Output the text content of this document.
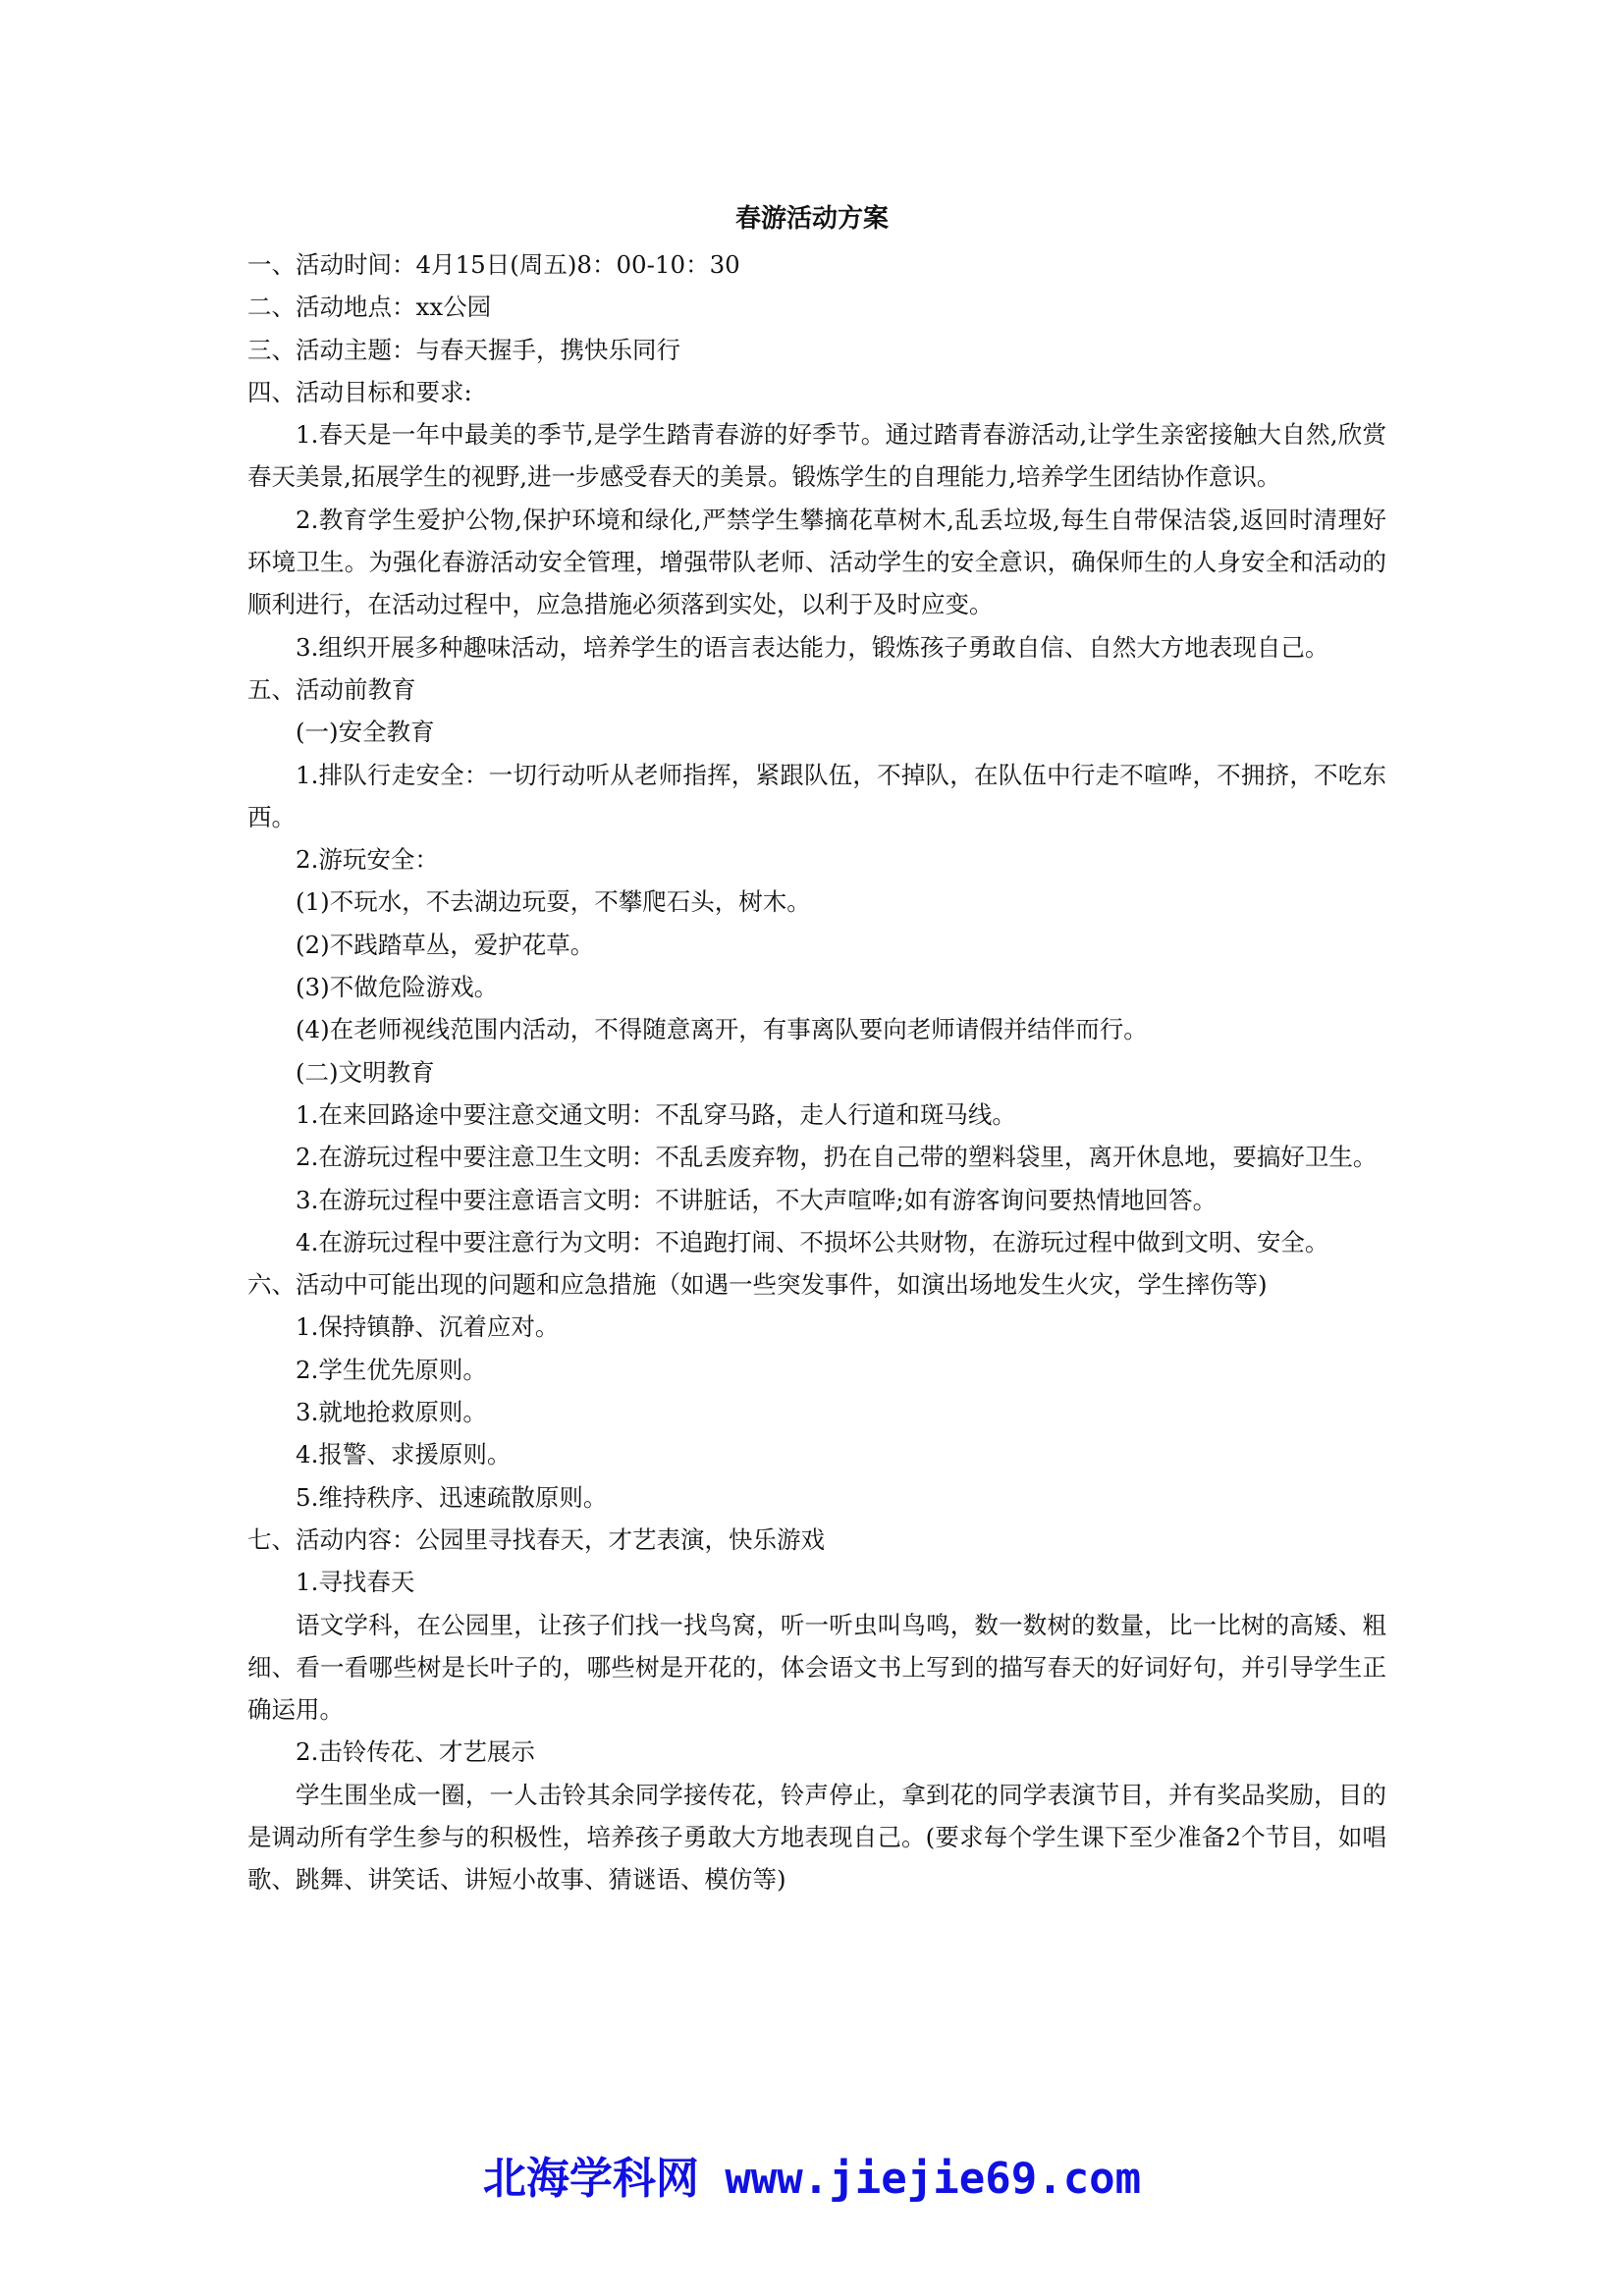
春游活动方案

一、活动时间：4月15日(周五)8：00-10：30

二、活动地点：xx公园

三、活动主题：与春天握手，携快乐同行

四、活动目标和要求:

1.春天是一年中最美的季节,是学生踏青春游的好季节。通过踏青春游活动,让学生亲密接触大自然,欣赏春天美景,拓展学生的视野,进一步感受春天的美景。锻炼学生的自理能力,培养学生团结协作意识。

2.教育学生爱护公物,保护环境和绿化,严禁学生攀摘花草树木,乱丢垃圾,每生自带保洁袋,返回时清理好环境卫生。为强化春游活动安全管理，增强带队老师、活动学生的安全意识，确保师生的人身安全和活动的顺利进行，在活动过程中，应急措施必须落到实处，以利于及时应变。

3.组织开展多种趣味活动，培养学生的语言表达能力，锻炼孩子勇敢自信、自然大方地表现自己。

五、活动前教育

(一)安全教育

1.排队行走安全：一切行动听从老师指挥，紧跟队伍，不掉队，在队伍中行走不喧哗，不拥挤，不吃东西。

2.游玩安全：

(1)不玩水，不去湖边玩耍，不攀爬石头，树木。

(2)不践踏草丛，爱护花草。

(3)不做危险游戏。

(4)在老师视线范围内活动，不得随意离开，有事离队要向老师请假并结伴而行。

(二)文明教育

1.在来回路途中要注意交通文明：不乱穿马路，走人行道和斑马线。

2.在游玩过程中要注意卫生文明：不乱丢废弃物，扔在自己带的塑料袋里，离开休息地，要搞好卫生。

3.在游玩过程中要注意语言文明：不讲脏话，不大声喧哗;如有游客询问要热情地回答。

4.在游玩过程中要注意行为文明：不追跑打闹、不损坏公共财物，在游玩过程中做到文明、安全。

六、活动中可能出现的问题和应急措施（如遇一些突发事件，如演出场地发生火灾，学生摔伤等)

1.保持镇静、沉着应对。

2.学生优先原则。

3.就地抢救原则。

4.报警、求援原则。

5.维持秩序、迅速疏散原则。

七、活动内容：公园里寻找春天，才艺表演，快乐游戏

1.寻找春天

语文学科，在公园里，让孩子们找一找鸟窝，听一听虫叫鸟鸣，数一数树的数量，比一比树的高矮、粗细、看一看哪些树是长叶子的，哪些树是开花的，体会语文书上写到的描写春天的好词好句，并引导学生正确运用。

2.击铃传花、才艺展示

学生围坐成一圈，一人击铃其余同学接传花，铃声停止，拿到花的同学表演节目，并有奖品奖励，目的是调动所有学生参与的积极性，培养孩子勇敢大方地表现自己。(要求每个学生课下至少准备2个节目，如唱歌、跳舞、讲笑话、讲短小故事、猜谜语、模仿等)

北海学科网 www.jiejie69.com
